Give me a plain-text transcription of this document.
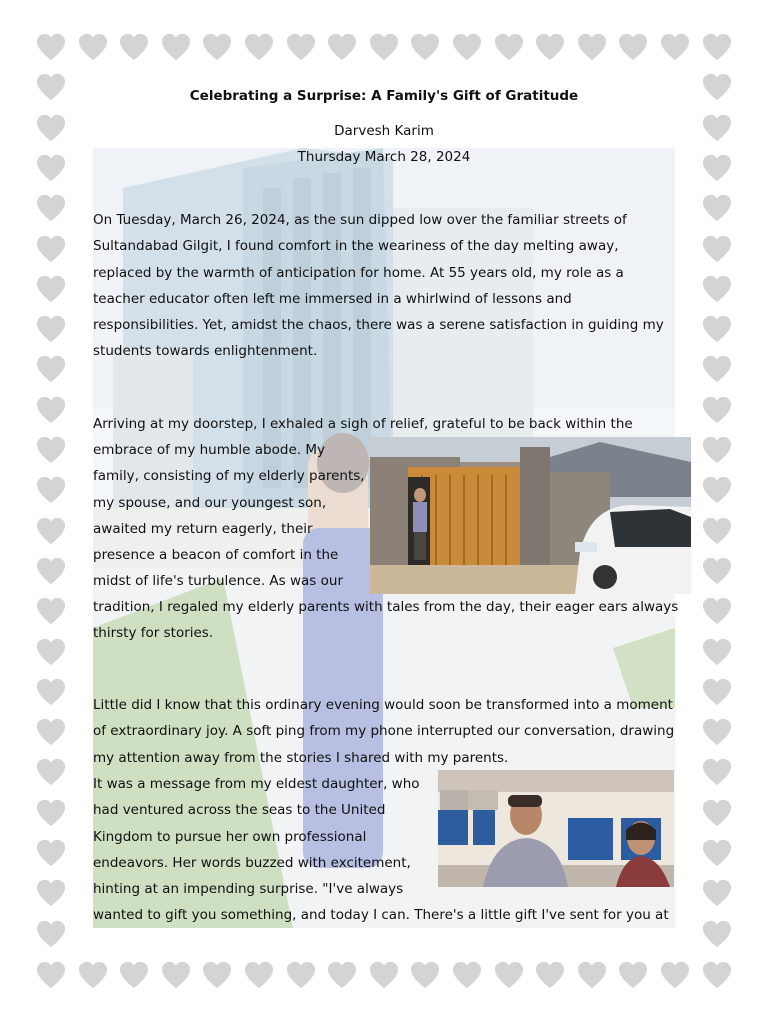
Celebrating a Surprise: A Family's Gift of Gratitude
Darvesh Karim
Thursday March 28, 2024

On Tuesday, March 26, 2024, as the sun dipped low over the familiar streets of Sultandabad Gilgit, I found comfort in the weariness of the day melting away, replaced by the warmth of anticipation for home. At 55 years old, my role as a teacher educator often left me immersed in a whirlwind of lessons and responsibilities. Yet, amidst the chaos, there was a serene satisfaction in guiding my students towards enlightenment.

Arriving at my doorstep, I exhaled a sigh of relief, grateful to be back within the

embrace of my humble abode. My family, consisting of my elderly parents, my spouse, and our youngest son, awaited my return eagerly, their presence a beacon of comfort in the midst of life's turbulence. As was our

tradition, I regaled my elderly parents with tales from the day, their eager ears always thirsty for stories.

Little did I know that this ordinary evening would soon be transformed into a moment of extraordinary joy. A soft ping from my phone interrupted our conversation, drawing my attention away from the stories I shared with my parents.

It was a message from my eldest daughter, who had ventured across the seas to the United Kingdom to pursue her own professional endeavors. Her words buzzed with excitement, hinting at an impending surprise. "I've always

wanted to gift you something, and today I can. There's a little gift I've sent for you at
